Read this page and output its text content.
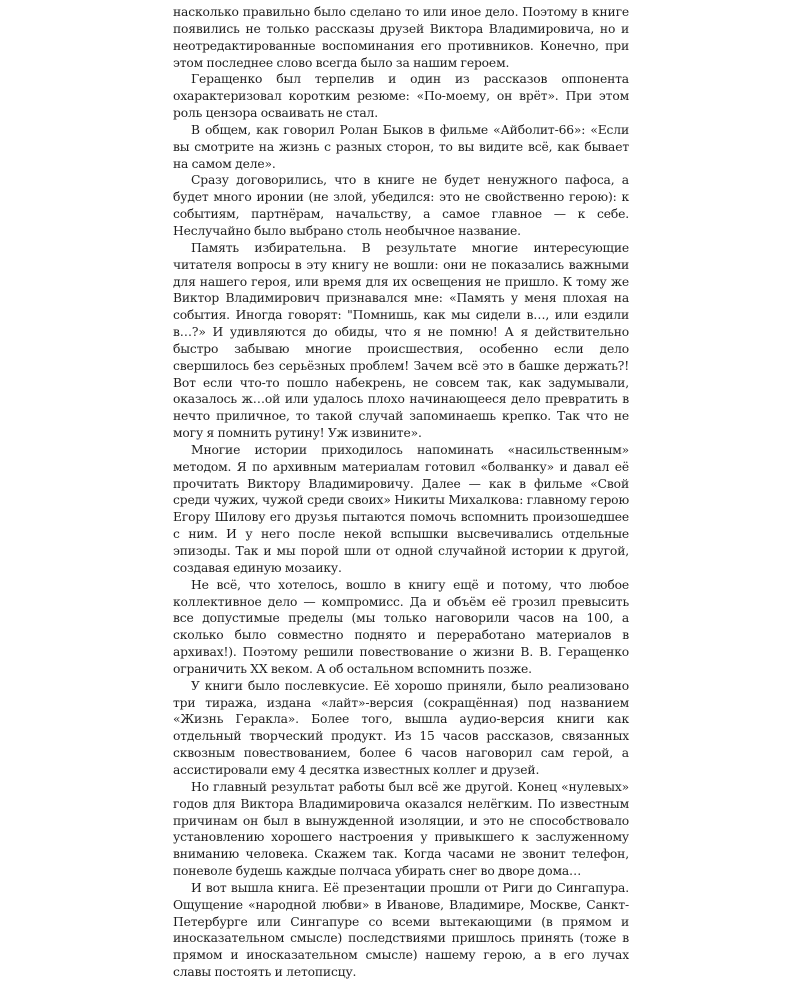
насколько правильно было сделано то или иное дело. Поэтому в книге появились не только рассказы друзей Виктора Владимировича, но и неотредактированные воспоминания его противников. Конечно, при этом последнее слово всегда было за нашим героем.

Геращенко был терпелив и один из рассказов оппонента охарактеризовал коротким резюме: «По-моему, он врёт». При этом роль цензора осваивать не стал.

В общем, как говорил Ролан Быков в фильме «Айболит-66»: «Если вы смотрите на жизнь с разных сторон, то вы видите всё, как бывает на самом деле».

Сразу договорились, что в книге не будет ненужного пафоса, а будет много иронии (не злой, убедился: это не свойственно герою): к событиям, партнёрам, начальству, а самое главное — к себе. Неслучайно было выбрано столь необычное название.

Память избирательна. В результате многие интересующие читателя вопросы в эту книгу не вошли: они не показались важными для нашего героя, или время для их освещения не пришло. К тому же Виктор Владимирович признавался мне: «Память у меня плохая на события. Иногда говорят: "Помнишь, как мы сидели в…, или ездили в…?» И удивляются до обиды, что я не помню! А я действительно быстро забываю многие происшествия, особенно если дело свершилось без серьёзных проблем! Зачем всё это в башке держать?! Вот если что-то пошло набекрень, не совсем так, как задумывали, оказалось ж…ой или удалось плохо начинающееся дело превратить в нечто приличное, то такой случай запоминаешь крепко. Так что не могу я помнить рутину! Уж извините».

Многие истории приходилось напоминать «насильственным» методом. Я по архивным материалам готовил «болванку» и давал её прочитать Виктору Владимировичу. Далее — как в фильме «Свой среди чужих, чужой среди своих» Никиты Михалкова: главному герою Егору Шилову его друзья пытаются помочь вспомнить произошедшее с ним. И у него после некой вспышки высвечивались отдельные эпизоды. Так и мы порой шли от одной случайной истории к другой, создавая единую мозаику.

Не всё, что хотелось, вошло в книгу ещё и потому, что любое коллективное дело — компромисс. Да и объём её грозил превысить все допустимые пределы (мы только наговорили часов на 100, а сколько было совместно поднято и переработано материалов в архивах!). Поэтому решили повествование о жизни В. В. Геращенко ограничить XX веком. А об остальном вспомнить позже.

У книги было послевкусие. Её хорошо приняли, было реализовано три тиража, издана «лайт»-версия (сокращённая) под названием «Жизнь Геракла». Более того, вышла аудио-версия книги как отдельный творческий продукт. Из 15 часов рассказов, связанных сквозным повествованием, более 6 часов наговорил сам герой, а ассистировали ему 4 десятка известных коллег и друзей.

Но главный результат работы был всё же другой. Конец «нулевых» годов для Виктора Владимировича оказался нелёгким. По известным причинам он был в вынужденной изоляции, и это не способствовало установлению хорошего настроения у привыкшего к заслуженному вниманию человека. Скажем так. Когда часами не звонит телефон, поневоле будешь каждые полчаса убирать снег во дворе дома…

И вот вышла книга. Её презентации прошли от Риги до Сингапура. Ощущение «народной любви» в Иванове, Владимире, Москве, Санкт-Петербурге или Сингапуре со всеми вытекающими (в прямом и иносказательном смысле) последствиями пришлось принять (тоже в прямом и иносказательном смысле) нашему герою, а в его лучах славы постоять и летописцу.
